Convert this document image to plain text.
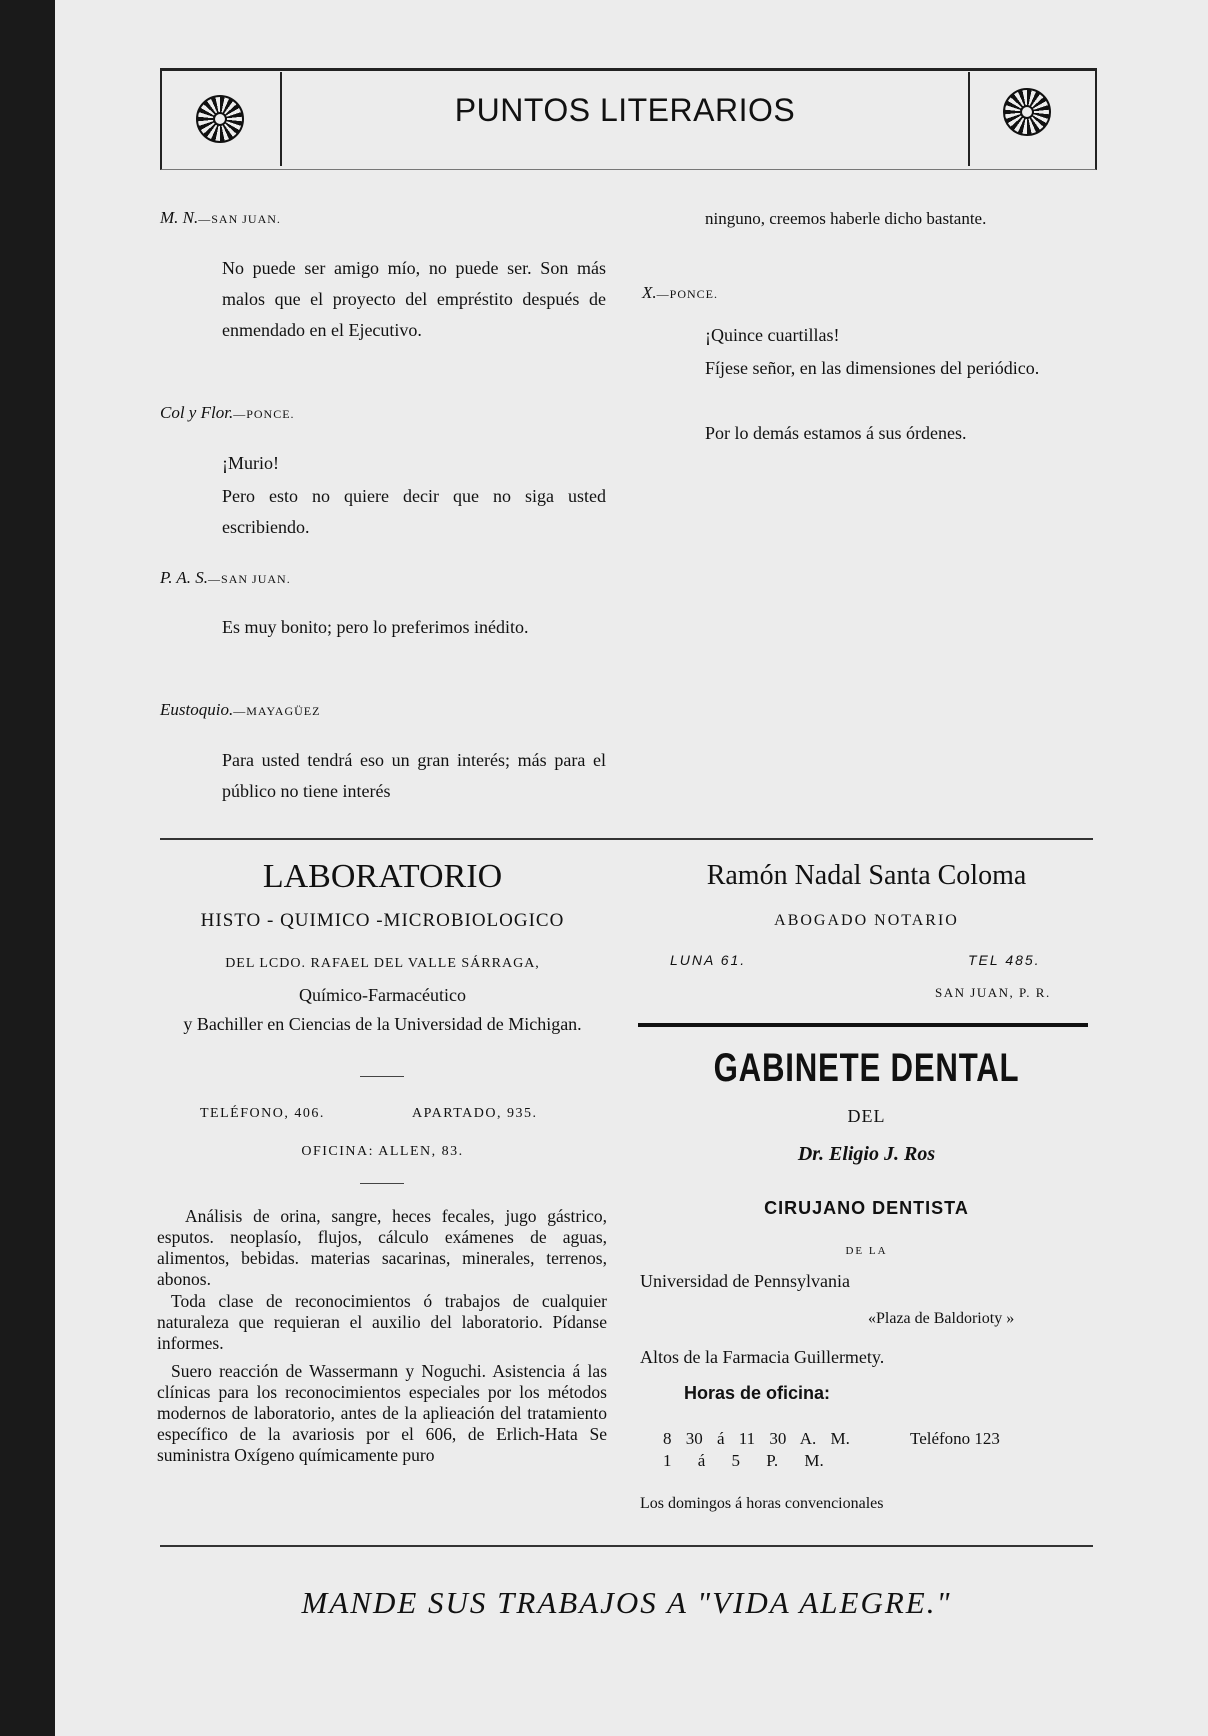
PUNTOS LITERARIOS
M. N.—SAN JUAN.
No puede ser amigo mío, no puede ser. Son más malos que el proyecto del empréstito después de enmendado en el Ejecutivo.
Col y Flor.—PONCE.
¡Murio!
Pero esto no quiere decir que no siga usted escribiendo.
P. A. S.—SAN JUAN.
Es muy bonito; pero lo preferimos inédito.
Eustoquio.—MAYAGÜEZ
Para usted tendrá eso un gran interés; más para el público no tiene interés
ninguno, creemos haberle dicho bastante.
X.—PONCE.
¡Quince cuartillas!
Fíjese señor, en las dimensiones del periódico.
Por lo demás estamos á sus órdenes.
LABORATORIO
HISTO - QUIMICO -MICROBIOLOGICO
DEL LCDO. RAFAEL DEL VALLE SÁRRAGA,
Químico-Farmacéutico
y Bachiller en Ciencias de la Universidad de Michigan.
TELÉFONO, 406.	APARTADO, 935.
OFICINA: ALLEN, 83.
Análisis de orina, sangre, heces fecales, jugo gástrico, esputos. neoplasío, flujos, cálculo exámenes de aguas, alimentos, bebidas. materias sacarinas, minerales, terrenos, abonos.
Toda clase de reconocimientos ó trabajos de cualquier naturaleza que requieran el auxilio del laboratorio. Pídanse informes.
Suero reacción de Wassermann y Noguchi. Asistencia á las clínicas para los reconocimientos especiales por los métodos modernos de laboratorio, antes de la aplieación del tratamiento específico de la avariosis por el 606, de Erlich-Hata Se suministra Oxígeno químicamente puro
Ramón Nadal Santa Coloma
ABOGADO NOTARIO
LUNA 61.	TEL 485.
SAN JUAN, P. R.
GABINETE DENTAL
DEL
Dr. Eligio J. Ros
CIRUJANO DENTISTA
DE LA
Universidad de Pennsylvania
«Plaza de Baldorioty »
Altos de la Farmacia Guillermety.
Horas de oficina:
8 30 á 11 30 A. M.
1 á 5 P. M.
Teléfono 123
Los domingos á horas convencionales
MANDE SUS TRABAJOS A "VIDA ALEGRE."
